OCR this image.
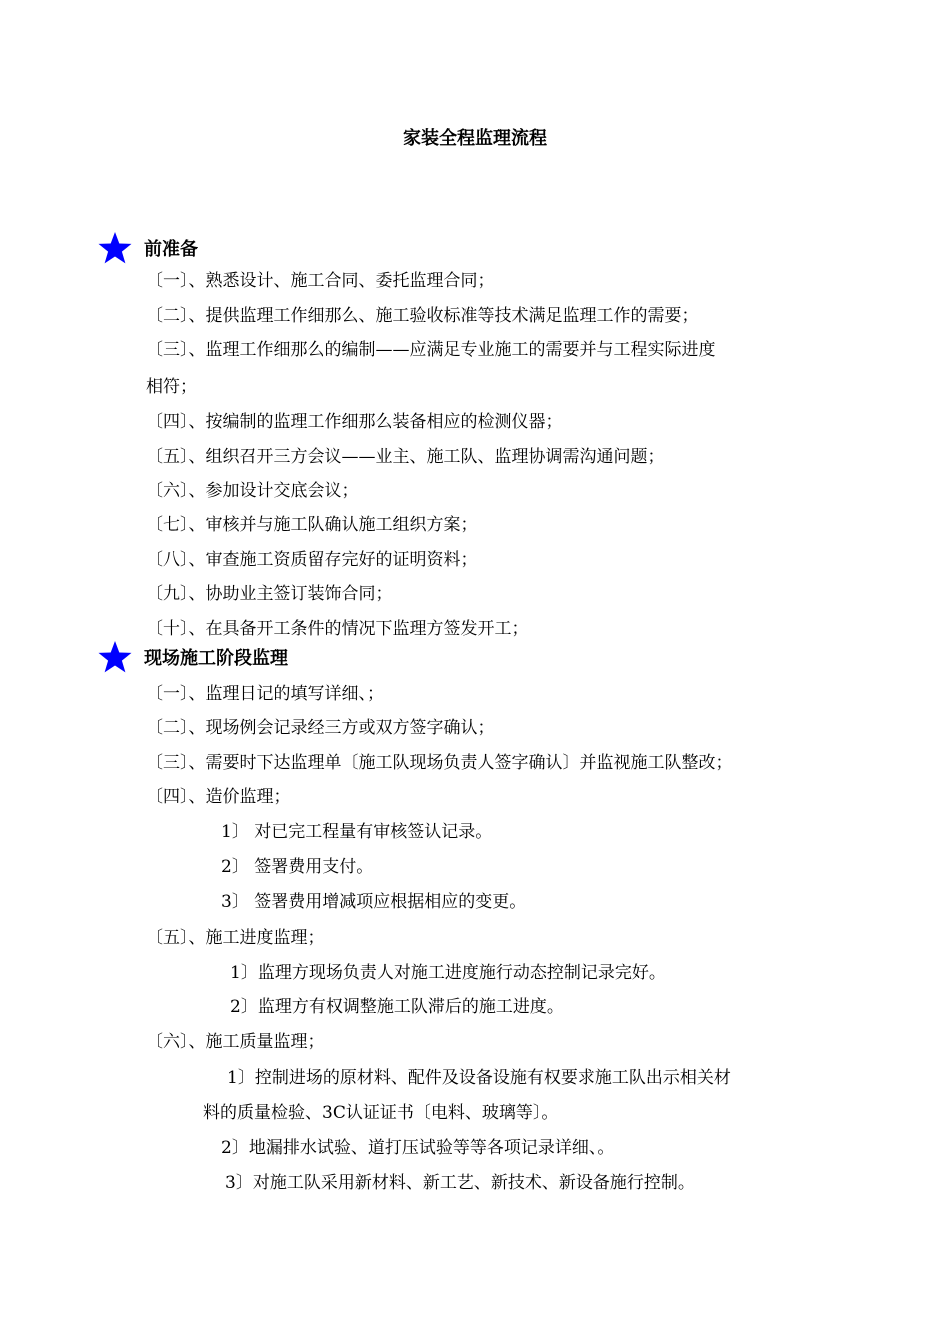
家装全程监理流程
前准备
〔一〕、熟悉设计、施工合同、委托监理合同；
〔二〕、提供监理工作细那么、施工验收标准等技术满足监理工作的需要；
〔三〕、监理工作细那么的编制——应满足专业施工的需要并与工程实际进度
相符；
〔四〕、按编制的监理工作细那么装备相应的检测仪器；
〔五〕、组织召开三方会议——业主、施工队、监理协调需沟通问题；
〔六〕、参加设计交底会议；
〔七〕、审核并与施工队确认施工组织方案；
〔八〕、审查施工资质留存完好的证明资料；
〔九〕、协助业主签订装饰合同；
〔十〕、在具备开工条件的情况下监理方签发开工；
现场施工阶段监理
〔一〕、监理日记的填写详细、；
〔二〕、现场例会记录经三方或双方签字确认；
〔三〕、需要时下达监理单〔施工队现场负责人签字确认〕并监视施工队整改；
〔四〕、造价监理；
1〕 对已完工程量有审核签认记录。
2〕 签署费用支付。
3〕 签署费用增减项应根据相应的变更。
〔五〕、施工进度监理；
1〕监理方现场负责人对施工进度施行动态控制记录完好。
2〕监理方有权调整施工队滞后的施工进度。
〔六〕、施工质量监理；
1〕控制进场的原材料、配件及设备设施有权要求施工队出示相关材
料的质量检验、3C认证证书〔电料、玻璃等〕。
2〕地漏排水试验、道打压试验等等各项记录详细、。
3〕对施工队采用新材料、新工艺、新技术、新设备施行控制。
